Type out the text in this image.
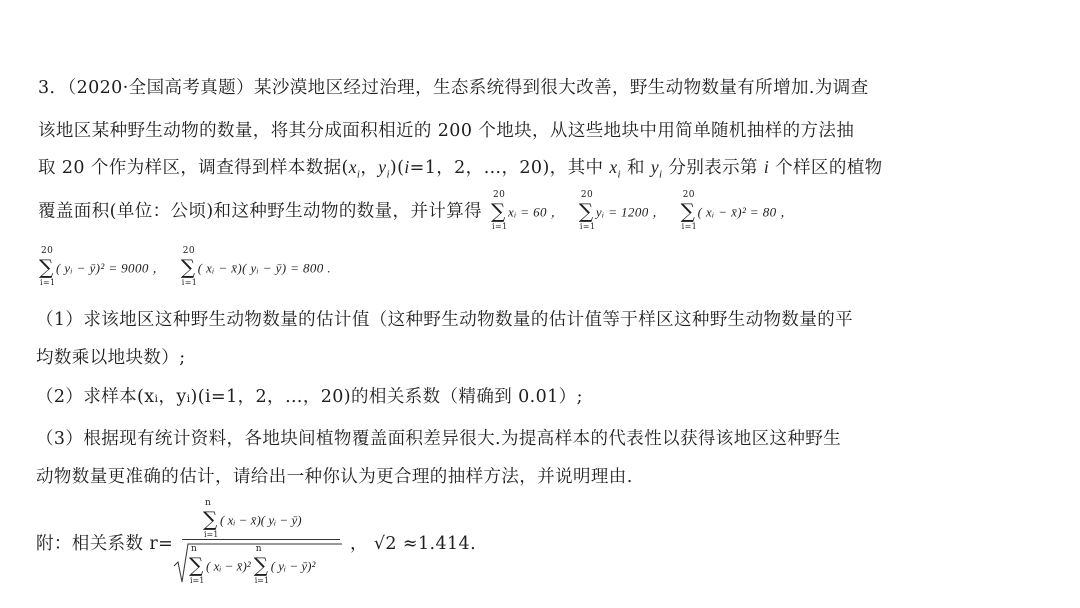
3．（2020·全国高考真题）某沙漠地区经过治理，生态系统得到很大改善，野生动物数量有所增加.为调查
该地区某种野生动物的数量，将其分成面积相近的 200 个地块，从这些地块中用简单随机抽样的方法抽
取 20 个作为样区，调查得到样本数据($x_i$，$y_i)(i=1$，2，…，20)，其中 $x_i$ 和 $y_i$ 分别表示第 i 个样区的植物
覆盖面积(单位：公顷)和这种野生动物的数量，并计算得
20
∑
i=1
xᵢ = 60 ，
20
∑
i=1
yᵢ = 1200 ，
20
∑
i=1
( xᵢ − x̄)² = 80 ，
20
∑
i=1
( yᵢ − ȳ)² = 9000 ，
20
∑
i=1
( xᵢ − x̄)( yᵢ − ȳ) = 800 .
（1）求该地区这种野生动物数量的估计值（这种野生动物数量的估计值等于样区这种野生动物数量的平
均数乘以地块数）;
（2）求样本(xᵢ，yᵢ)(i=1，2，…，20)的相关系数（精确到 0.01）;
（3）根据现有统计资料，各地块间植物覆盖面积差异很大.为提高样本的代表性以获得该地区这种野生
动物数量更准确的估计，请给出一种你认为更合理的抽样方法，并说明理由.
附：相关系数 r=
n
∑
i=1
( xᵢ − x̄)( yᵢ − ȳ)
n
∑
i=1
( xᵢ − x̄)²
n
∑
i=1
( yᵢ − ȳ)²
， √2 ≈1.414.
